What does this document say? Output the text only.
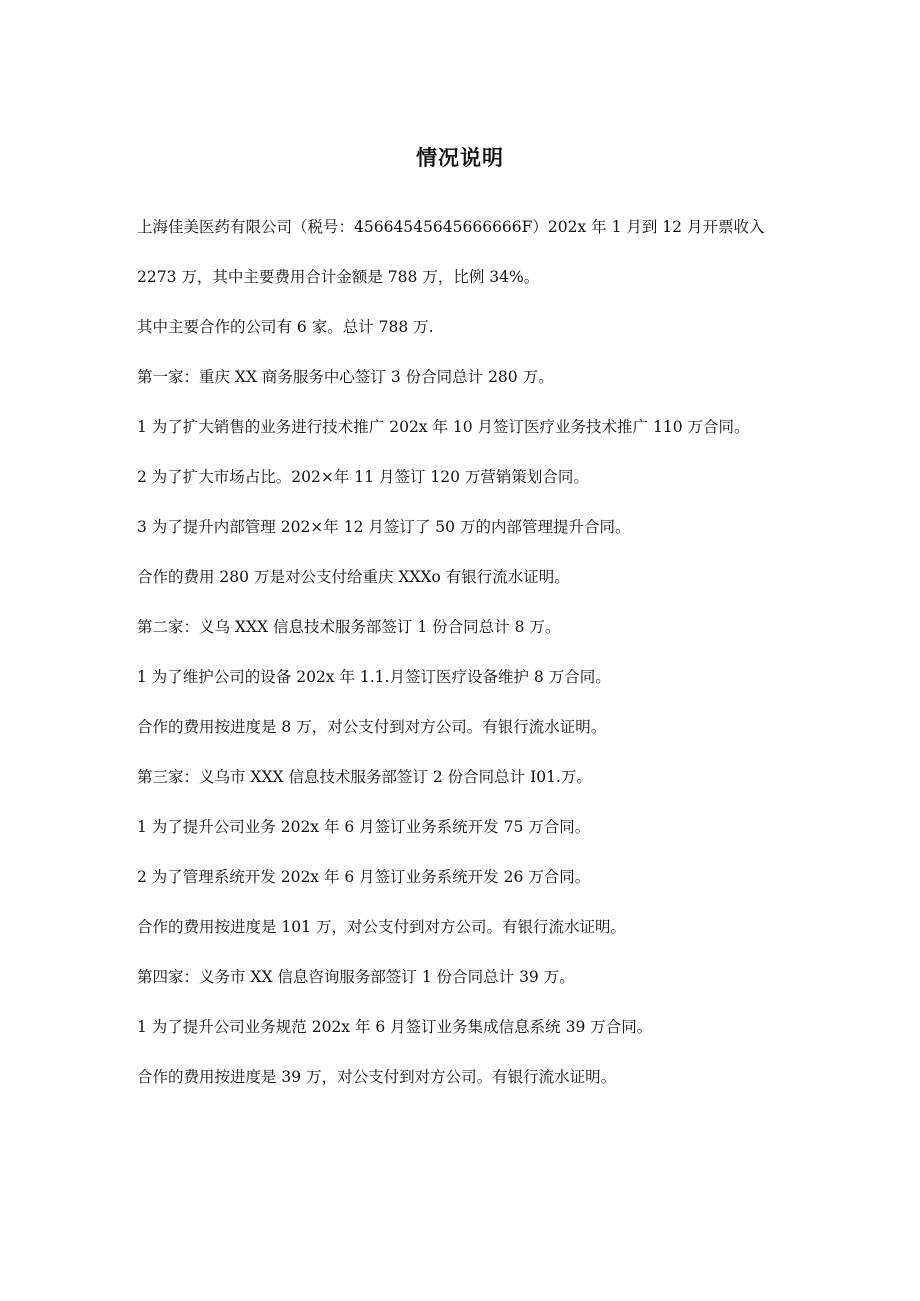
情况说明

上海佳美医药有限公司（税号：45664545645666666F）202x 年 1 月到 12 月开票收入 2273 万，其中主要费用合计金额是 788 万，比例 34%。

其中主要合作的公司有 6 家。总计 788 万.

第一家：重庆 XX 商务服务中心签订 3 份合同总计 280 万。

1 为了扩大销售的业务进行技术推广 202x 年 10 月签订医疗业务技术推广 110 万合同。

2 为了扩大市场占比。202×年 11 月签订 120 万营销策划合同。

3 为了提升内部管理 202×年 12 月签订了 50 万的内部管理提升合同。

合作的费用 280 万是对公支付给重庆 XXXo 有银行流水证明。

第二家：义乌 XXX 信息技术服务部签订 1 份合同总计 8 万。

1 为了维护公司的设备 202x 年 1.1.月签订医疗设备维护 8 万合同。

合作的费用按进度是 8 万，对公支付到对方公司。有银行流水证明。

第三家：义乌市 XXX 信息技术服务部签订 2 份合同总计 I01.万。

1 为了提升公司业务 202x 年 6 月签订业务系统开发 75 万合同。

2 为了管理系统开发 202x 年 6 月签订业务系统开发 26 万合同。

合作的费用按进度是 101 万，对公支付到对方公司。有银行流水证明。

第四家：义务市 XX 信息咨询服务部签订 1 份合同总计 39 万。

1 为了提升公司业务规范 202x 年 6 月签订业务集成信息系统 39 万合同。

合作的费用按进度是 39 万，对公支付到对方公司。有银行流水证明。
